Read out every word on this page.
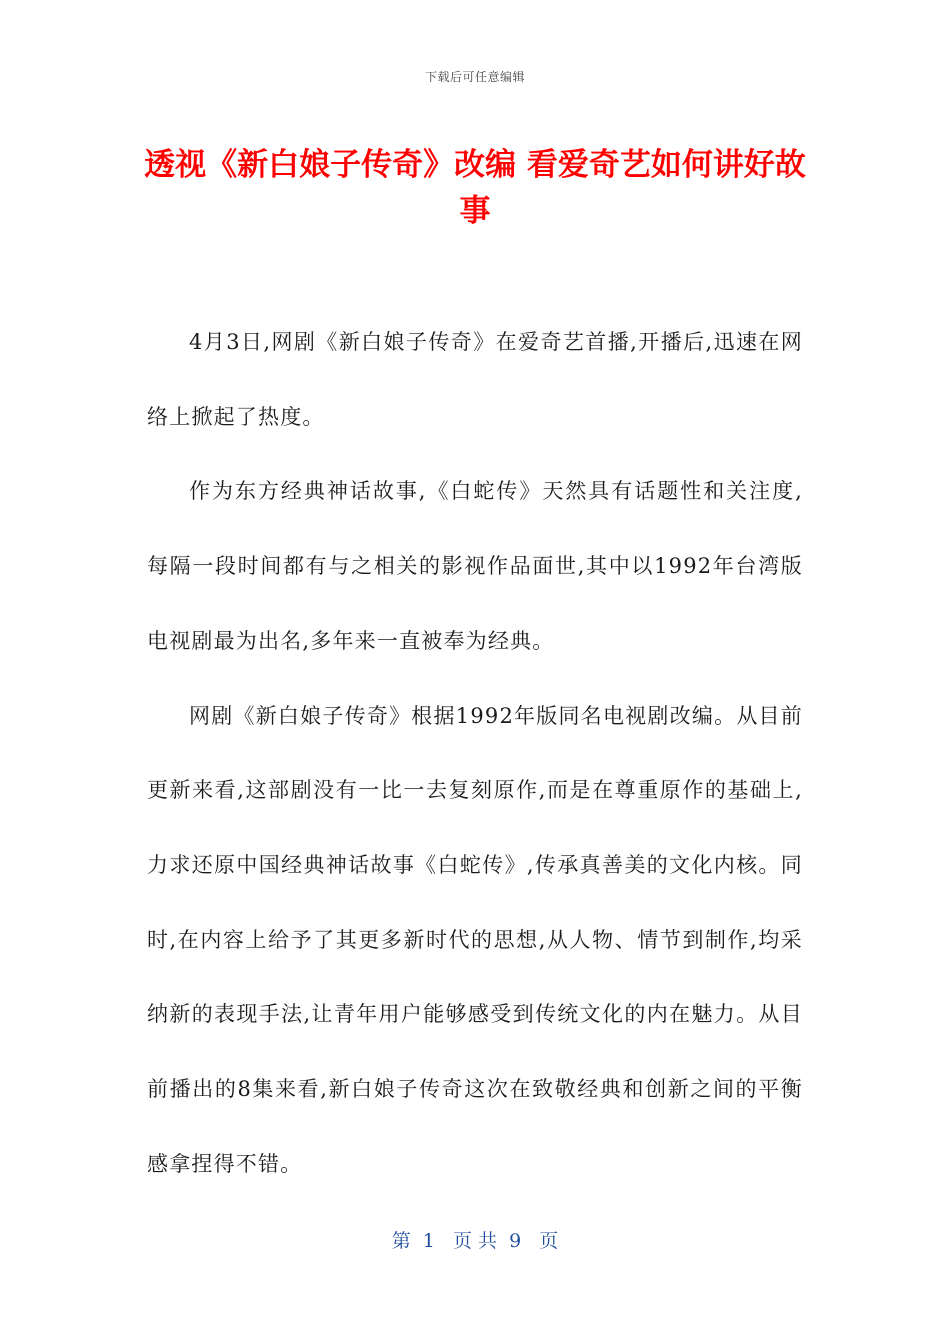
下载后可任意编辑
透视《新白娘子传奇》改编 看爱奇艺如何讲好故事

4月3日,网剧《新白娘子传奇》在爱奇艺首播,开播后,迅速在网络上掀起了热度。

作为东方经典神话故事,《白蛇传》天然具有话题性和关注度,每隔一段时间都有与之相关的影视作品面世,其中以1992年台湾版电视剧最为出名,多年来一直被奉为经典。

网剧《新白娘子传奇》根据1992年版同名电视剧改编。从目前更新来看,这部剧没有一比一去复刻原作,而是在尊重原作的基础上,力求还原中国经典神话故事《白蛇传》,传承真善美的文化内核。同时,在内容上给予了其更多新时代的思想,从人物、情节到制作,均采纳新的表现手法,让青年用户能够感受到传统文化的内在魅力。从目前播出的8集来看,新白娘子传奇这次在致敬经典和创新之间的平衡感拿捏得不错。

第  1   页 共  9   页
